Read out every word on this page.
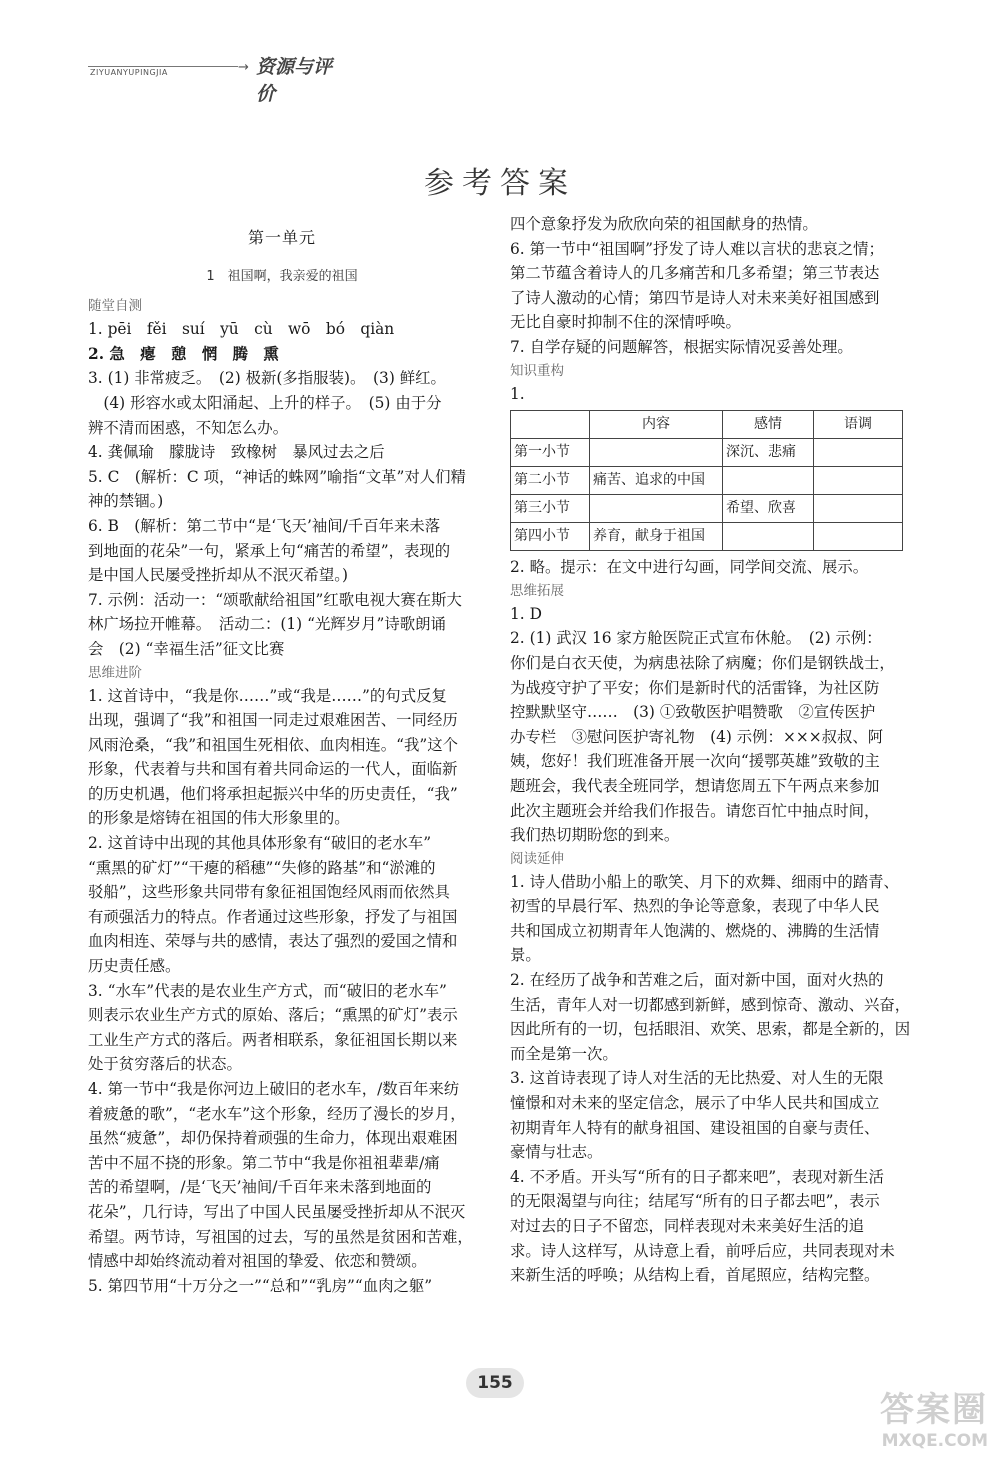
ZIYUANYUPINGJIA	→ 资源与评价
参考答案
第一单元
1　祖国啊，我亲爱的祖国
随堂自测
1. pēi　fěi　suí　yū　cù　wō　bó　qiàn
2. 急　瘪　憩　惘　腾　熏
3. (1) 非常疲乏。　(2) 极新(多指服装)。　(3) 鲜红。
　(4) 形容水或太阳涌起、上升的样子。　(5) 由于分
辨不清而困惑，不知怎么办。
4. 龚佩瑜　朦胧诗　致橡树　暴风过去之后
5. C　(解析：C 项，“神话的蛛网”喻指“文革”对人们精
神的禁锢。)
6. B　(解析：第二节中“是‘飞天’袖间/千百年来未落
到地面的花朵”一句，紧承上句“痛苦的希望”，表现的
是中国人民屡受挫折却从不泯灭希望。)
7. 示例：活动一：“颂歌献给祖国”红歌电视大赛在斯大
林广场拉开帷幕。　活动二：(1) “光辉岁月”诗歌朗诵
会　(2) “幸福生活”征文比赛
思维进阶
1. 这首诗中，“我是你……”或“我是……”的句式反复
出现，强调了“我”和祖国一同走过艰难困苦、一同经历
风雨沧桑，“我”和祖国生死相依、血肉相连。“我”这个
形象，代表着与共和国有着共同命运的一代人，面临新
的历史机遇，他们将承担起振兴中华的历史责任，“我”
的形象是熔铸在祖国的伟大形象里的。
2. 这首诗中出现的其他具体形象有“破旧的老水车”
“熏黑的矿灯”“干瘪的稻穗”“失修的路基”和“淤滩的
驳船”，这些形象共同带有象征祖国饱经风雨而依然具
有顽强活力的特点。作者通过这些形象，抒发了与祖国
血肉相连、荣辱与共的感情，表达了强烈的爱国之情和
历史责任感。
3. “水车”代表的是农业生产方式，而“破旧的老水车”
则表示农业生产方式的原始、落后；“熏黑的矿灯”表示
工业生产方式的落后。两者相联系，象征祖国长期以来
处于贫穷落后的状态。
4. 第一节中“我是你河边上破旧的老水车，/数百年来纺
着疲惫的歌”，“老水车”这个形象，经历了漫长的岁月，
虽然“疲惫”，却仍保持着顽强的生命力，体现出艰难困
苦中不屈不挠的形象。第二节中“我是你祖祖辈辈/痛
苦的希望啊，/是‘飞天’袖间/千百年来未落到地面的
花朵”，几行诗，写出了中国人民虽屡受挫折却从不泯灭
希望。两节诗，写祖国的过去，写的虽然是贫困和苦难，
情感中却始终流动着对祖国的挚爱、依恋和赞颂。
5. 第四节用“十万分之一”“总和”“乳房”“血肉之躯”
四个意象抒发为欣欣向荣的祖国献身的热情。
6. 第一节中“祖国啊”抒发了诗人难以言状的悲哀之情；
第二节蕴含着诗人的几多痛苦和几多希望；第三节表达
了诗人激动的心情；第四节是诗人对未来美好祖国感到
无比自豪时抑制不住的深情呼唤。
7. 自学存疑的问题解答，根据实际情况妥善处理。
知识重构
1.
	内容	感情	语调
第一小节		深沉、悲痛	
第二小节	痛苦、追求的中国		
第三小节		希望、欣喜	
第四小节	养育，献身于祖国		
2. 略。提示：在文中进行勾画，同学间交流、展示。
思维拓展
1. D
2. (1) 武汉 16 家方舱医院正式宣布休舱。　(2) 示例：
你们是白衣天使，为病患祛除了病魔；你们是钢铁战士，
为战疫守护了平安；你们是新时代的活雷锋，为社区防
控默默坚守……　(3) ①致敬医护唱赞歌　②宣传医护
办专栏　③慰问医护寄礼物　(4) 示例：×××叔叔、阿
姨，您好！我们班准备开展一次向“援鄂英雄”致敬的主
题班会，我代表全班同学，想请您周五下午两点来参加
此次主题班会并给我们作报告。请您百忙中抽点时间，
我们热切期盼您的到来。
阅读延伸
1. 诗人借助小船上的歌笑、月下的欢舞、细雨中的踏青、
初雪的早晨行军、热烈的争论等意象，表现了中华人民
共和国成立初期青年人饱满的、燃烧的、沸腾的生活情
景。
2. 在经历了战争和苦难之后，面对新中国，面对火热的
生活，青年人对一切都感到新鲜，感到惊奇、激动、兴奋，
因此所有的一切，包括眼泪、欢笑、思索，都是全新的，因
而全是第一次。
3. 这首诗表现了诗人对生活的无比热爱、对人生的无限
憧憬和对未来的坚定信念，展示了中华人民共和国成立
初期青年人特有的献身祖国、建设祖国的自豪与责任、
豪情与壮志。
4. 不矛盾。开头写“所有的日子都来吧”，表现对新生活
的无限渴望与向往；结尾写“所有的日子都去吧”，表示
对过去的日子不留恋，同样表现对未来美好生活的追
求。诗人这样写，从诗意上看，前呼后应，共同表现对未
来新生活的呼唤；从结构上看，首尾照应，结构完整。
155
答案圈
MXQE.COM
